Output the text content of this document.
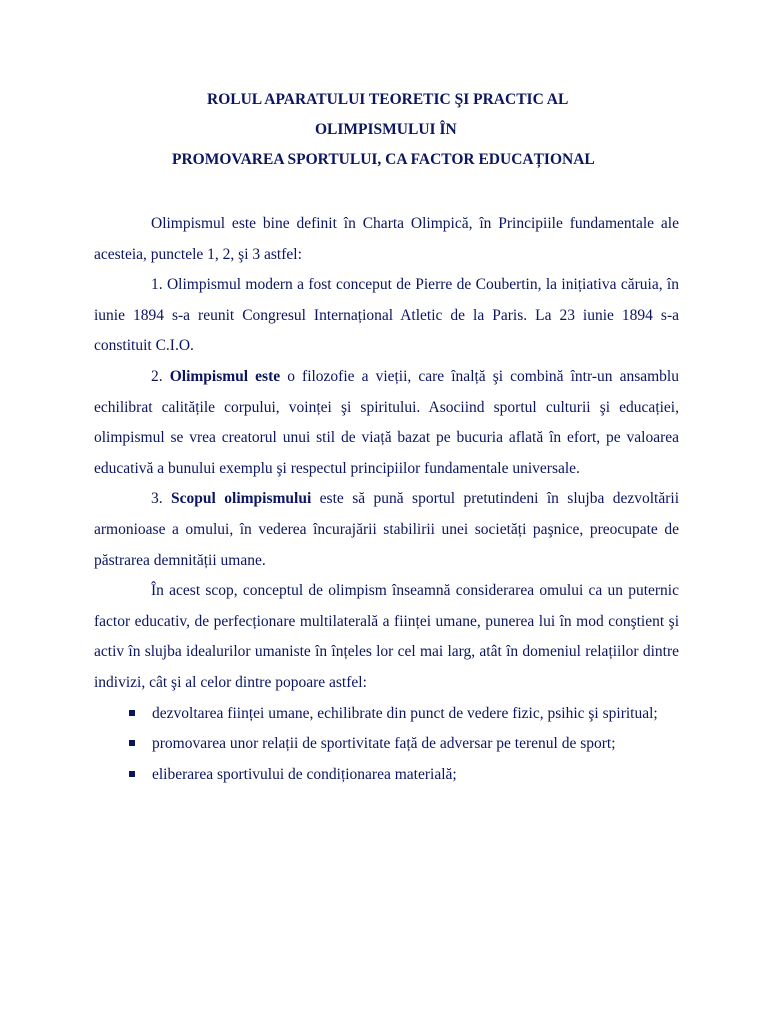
ROLUL APARATULUI TEORETIC ŞI PRACTIC AL
OLIMPISMULUI ÎN
PROMOVAREA SPORTULUI, CA FACTOR EDUCAȚIONAL

Olimpismul este bine definit în Charta Olimpică, în Principiile fundamentale ale acesteia, punctele 1, 2, şi 3 astfel:

1. Olimpismul modern a fost conceput de Pierre de Coubertin, la inițiativa căruia, în iunie 1894 s-a reunit Congresul Internațional Atletic de la Paris. La 23 iunie 1894 s-a constituit C.I.O.

2. Olimpismul este o filozofie a vieții, care înalță şi combină într-un ansamblu echilibrat calitățile corpului, voinței şi spiritului. Asociind sportul culturii şi educației, olimpismul se vrea creatorul unui stil de viață bazat pe bucuria aflată în efort, pe valoarea educativă a bunului exemplu şi respectul principiilor fundamentale universale.

3. Scopul olimpismului este să pună sportul pretutindeni în slujba dezvoltării armonioase a omului, în vederea încurajării stabilirii unei societăți paşnice, preocupate de păstrarea demnității umane.

În acest scop, conceptul de olimpism înseamnă considerarea omului ca un puternic factor educativ, de perfecționare multilaterală a ființei umane, punerea lui în mod conştient şi activ în slujba idealurilor umaniste în înțeles lor cel mai larg, atât în domeniul relațiilor dintre indivizi, cât şi al celor dintre popoare astfel:

dezvoltarea ființei umane, echilibrate din punct de vedere fizic, psihic şi spiritual;
promovarea unor relații de sportivitate față de adversar pe terenul de sport;
eliberarea sportivului de condiționarea materială;
